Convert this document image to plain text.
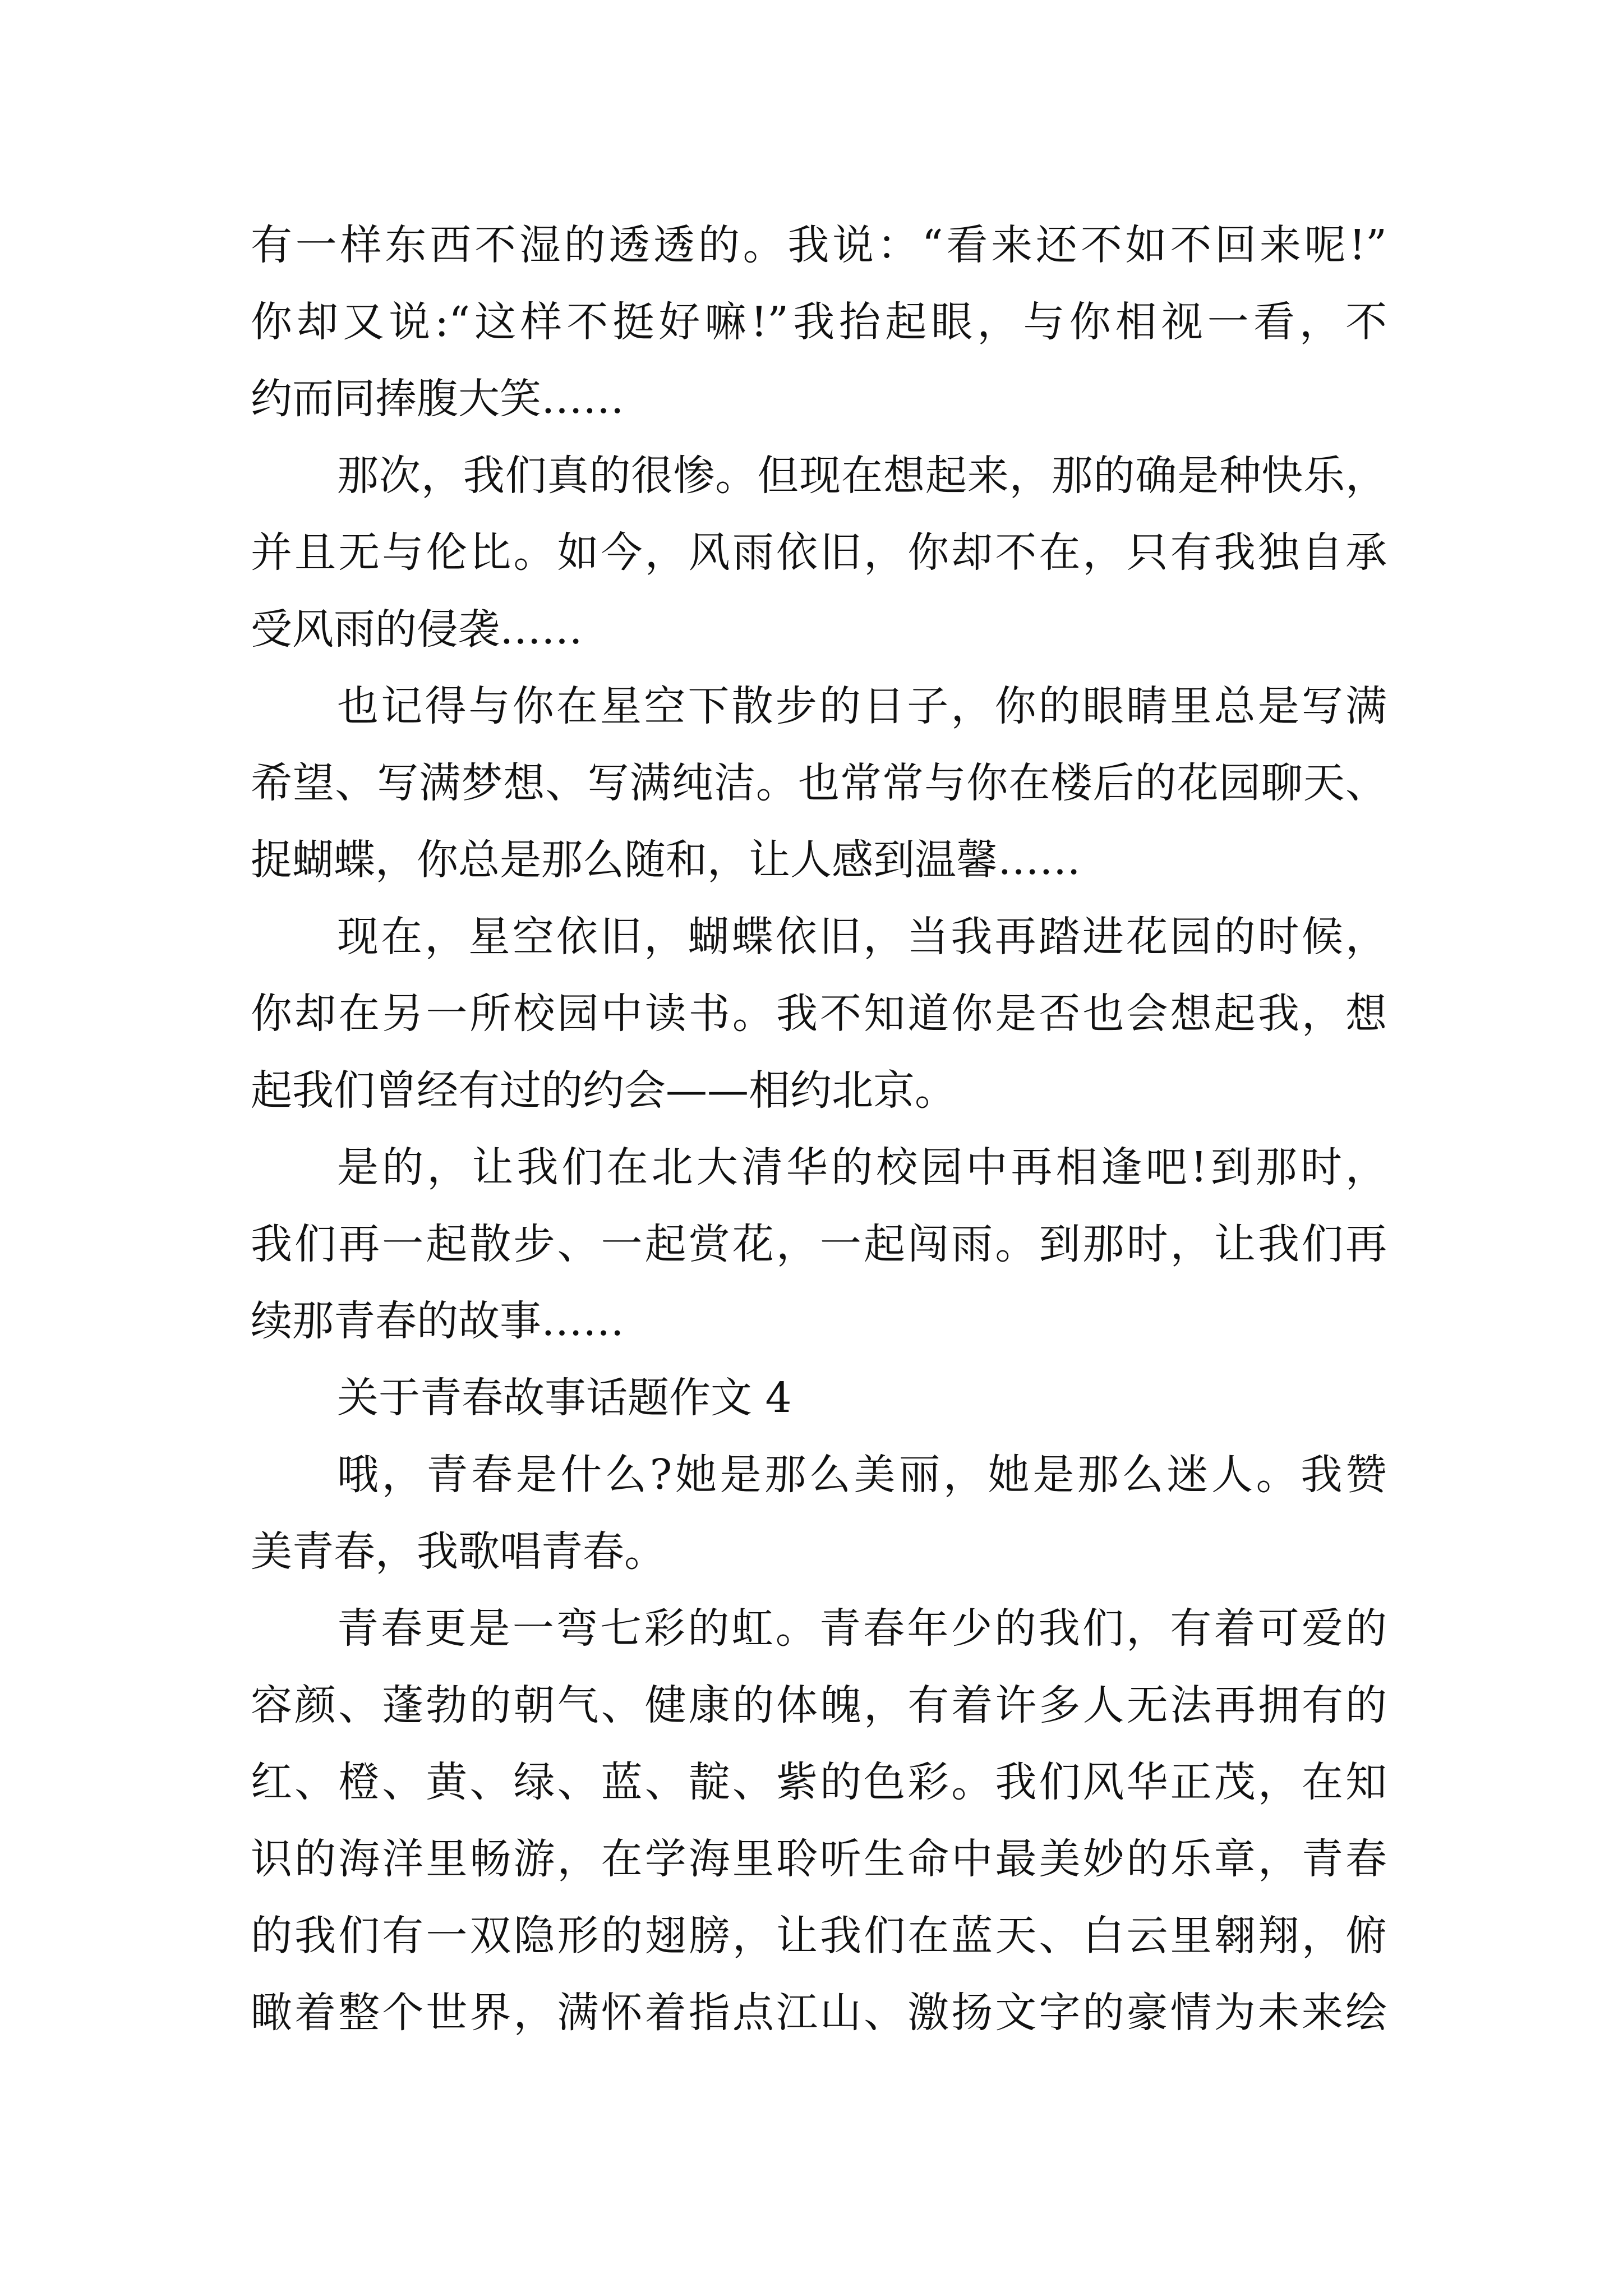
有一样东西不湿的透透的。我说：“看来还不如不回来呢!”
你却又说:“这样不挺好嘛!”我抬起眼，与你相视一看，不
约而同捧腹大笑……
那次，我们真的很惨。但现在想起来，那的确是种快乐，
并且无与伦比。如今，风雨依旧，你却不在，只有我独自承
受风雨的侵袭……
也记得与你在星空下散步的日子，你的眼睛里总是写满
希望、写满梦想、写满纯洁。也常常与你在楼后的花园聊天、
捉蝴蝶，你总是那么随和，让人感到温馨……
现在，星空依旧，蝴蝶依旧，当我再踏进花园的时候，
你却在另一所校园中读书。我不知道你是否也会想起我，想
起我们曾经有过的约会——相约北京。
是的，让我们在北大清华的校园中再相逢吧!到那时，
我们再一起散步、一起赏花，一起闯雨。到那时，让我们再
续那青春的故事……
关于青春故事话题作文 4
哦，青春是什么?她是那么美丽，她是那么迷人。我赞
美青春，我歌唱青春。
青春更是一弯七彩的虹。青春年少的我们，有着可爱的
容颜、蓬勃的朝气、健康的体魄，有着许多人无法再拥有的
红、橙、黄、绿、蓝、靛、紫的色彩。我们风华正茂，在知
识的海洋里畅游，在学海里聆听生命中最美妙的乐章，青春
的我们有一双隐形的翅膀，让我们在蓝天、白云里翱翔，俯
瞰着整个世界，满怀着指点江山、激扬文字的豪情为未来绘
